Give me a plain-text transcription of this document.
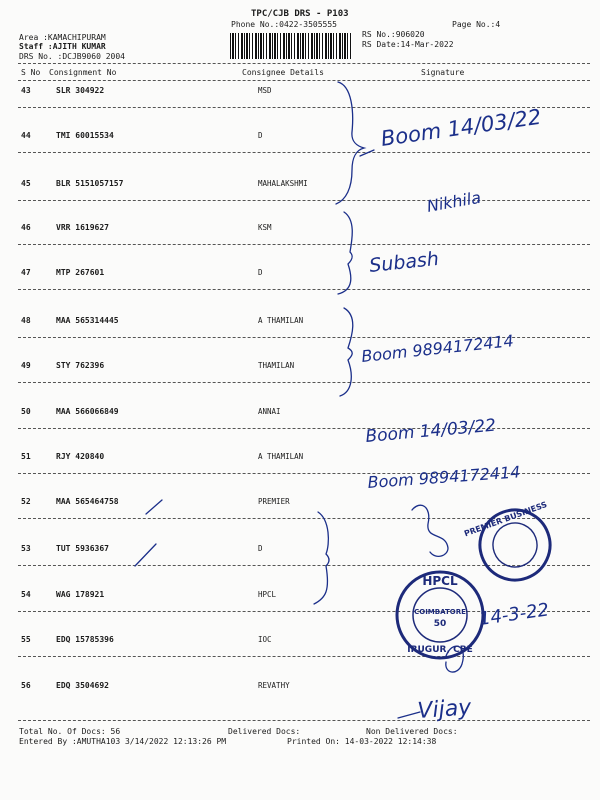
TPC/CJB DRS - P103
Phone No.:0422-3505555	Page No.:4
Area :KAMACHIPURAM
Staff :AJITH KUMAR
DRS No. :DCJB9060 2004
RS No.:906020
RS Date:14-Mar-2022
S No Consignment No	Consignee Details	Signature
43	SLR 304922	MSD
44	TMI 60015534	D
45	BLR 5151057157	MAHALAKSHMI
46	VRR 1619627	KSM
47	MTP 267601	D
48	MAA 565314445	A THAMILAN
49	STY 762396	THAMILAN
50	MAA 566066849	ANNAI
51	RJY 420840	A THAMILAN
52	MAA 565464758	PREMIER
53	TUT 5936367	D
54	WAG 178921	HPCL
55	EDQ 15785396	IOC
56	EDQ 3504692	REVATHY
Total No. Of Docs: 56	Delivered Docs:	Non Delivered Docs:
Entered By :AMUTHA103 3/14/2022 12:13:26 PM	Printed On: 14-03-2022 12:14:38
Boom 14/03/22
Nikhila
Subash
Boom 9894172414
Boom 14/03/22
Boom 9894172414
14-3-22
Vijay
HPCL
COIMBATORE
50
IRUGUR, CBE
PREMIER BUSINESS
